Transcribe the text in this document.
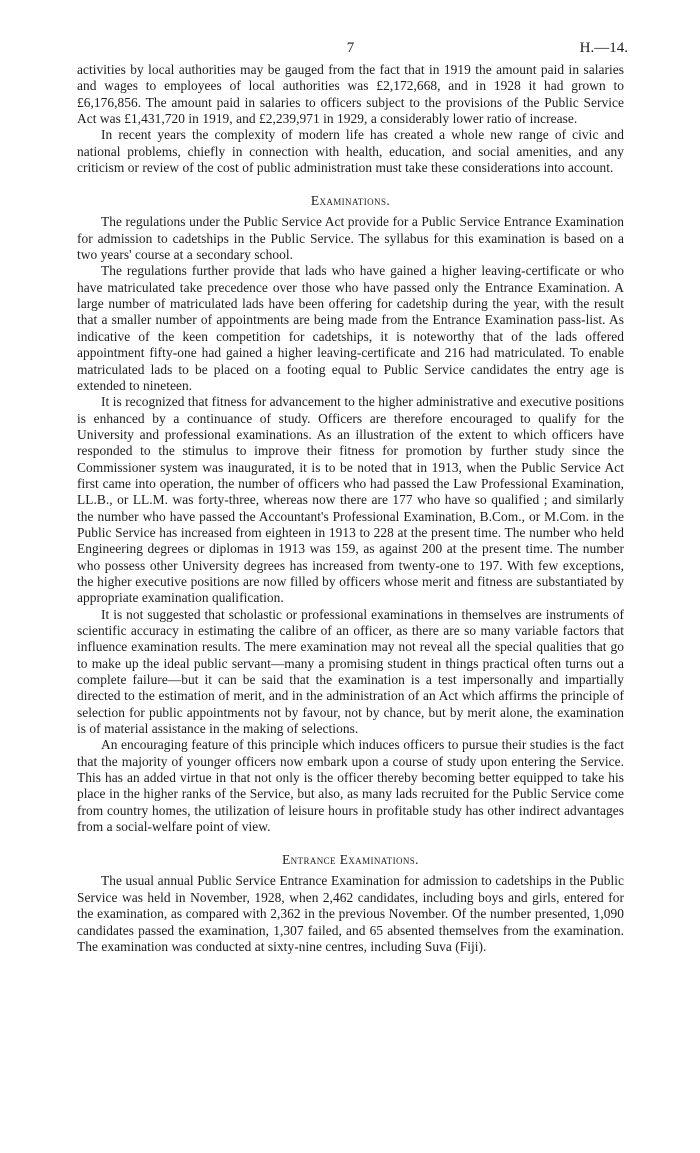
7	H.—14.

activities by local authorities may be gauged from the fact that in 1919 the amount paid in salaries and wages to employees of local authorities was £2,172,668, and in 1928 it had grown to £6,176,856. The amount paid in salaries to officers subject to the provisions of the Public Service Act was £1,431,720 in 1919, and £2,239,971 in 1929, a considerably lower ratio of increase.

In recent years the complexity of modern life has created a whole new range of civic and national problems, chiefly in connection with health, education, and social amenities, and any criticism or review of the cost of public administration must take these considerations into account.

Examinations.

The regulations under the Public Service Act provide for a Public Service Entrance Examination for admission to cadetships in the Public Service. The syllabus for this examination is based on a two years' course at a secondary school.

The regulations further provide that lads who have gained a higher leaving-certificate or who have matriculated take precedence over those who have passed only the Entrance Examination. A large number of matriculated lads have been offering for cadetship during the year, with the result that a smaller number of appointments are being made from the Entrance Examination pass-list. As indicative of the keen competition for cadetships, it is noteworthy that of the lads offered appointment fifty-one had gained a higher leaving-certificate and 216 had matriculated. To enable matriculated lads to be placed on a footing equal to Public Service candidates the entry age is extended to nineteen.

It is recognized that fitness for advancement to the higher administrative and executive positions is enhanced by a continuance of study. Officers are therefore encouraged to qualify for the University and professional examinations. As an illustration of the extent to which officers have responded to the stimulus to improve their fitness for promotion by further study since the Commissioner system was inaugurated, it is to be noted that in 1913, when the Public Service Act first came into operation, the number of officers who had passed the Law Professional Examination, LL.B., or LL.M. was forty-three, whereas now there are 177 who have so qualified ; and similarly the number who have passed the Accountant's Professional Examination, B.Com., or M.Com. in the Public Service has increased from eighteen in 1913 to 228 at the present time. The number who held Engineering degrees or diplomas in 1913 was 159, as against 200 at the present time. The number who possess other University degrees has increased from twenty-one to 197. With few exceptions, the higher executive positions are now filled by officers whose merit and fitness are substantiated by appropriate examination qualification.

It is not suggested that scholastic or professional examinations in themselves are instruments of scientific accuracy in estimating the calibre of an officer, as there are so many variable factors that influence examination results. The mere examination may not reveal all the special qualities that go to make up the ideal public servant—many a promising student in things practical often turns out a complete failure—but it can be said that the examination is a test impersonally and impartially directed to the estimation of merit, and in the administration of an Act which affirms the principle of selection for public appointments not by favour, not by chance, but by merit alone, the examination is of material assistance in the making of selections.

An encouraging feature of this principle which induces officers to pursue their studies is the fact that the majority of younger officers now embark upon a course of study upon entering the Service. This has an added virtue in that not only is the officer thereby becoming better equipped to take his place in the higher ranks of the Service, but also, as many lads recruited for the Public Service come from country homes, the utilization of leisure hours in profitable study has other indirect advantages from a social-welfare point of view.

Entrance Examinations.

The usual annual Public Service Entrance Examination for admission to cadetships in the Public Service was held in November, 1928, when 2,462 candidates, including boys and girls, entered for the examination, as compared with 2,362 in the previous November. Of the number presented, 1,090 candidates passed the examination, 1,307 failed, and 65 absented themselves from the examination. The examination was conducted at sixty-nine centres, including Suva (Fiji).
